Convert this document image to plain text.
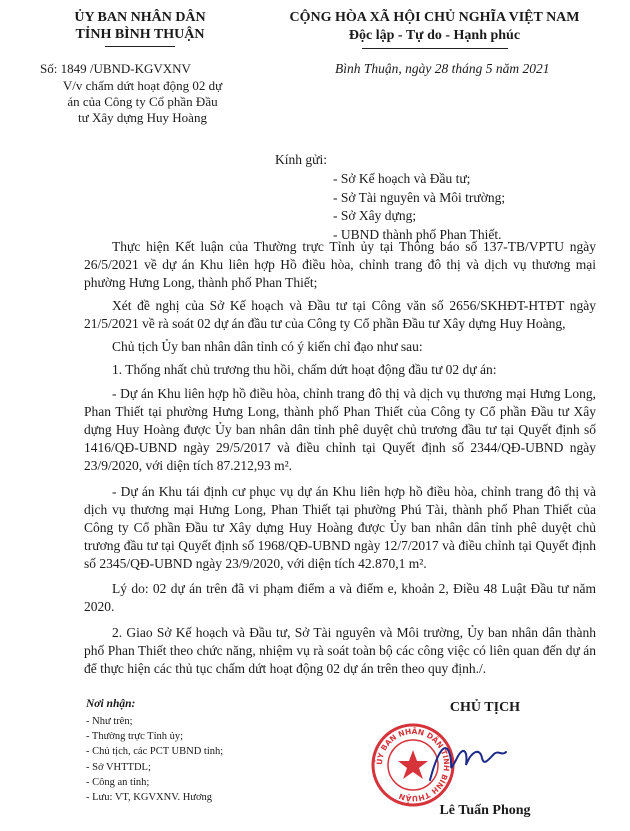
ỦY BAN NHÂN DÂN
TỈNH BÌNH THUẬN
CỘNG HÒA XÃ HỘI CHỦ NGHĨA VIỆT NAM
Độc lập - Tự do - Hạnh phúc
Số: 1849 /UBND-KGVXNV
V/v chấm dứt hoạt động 02 dự
án của Công ty Cổ phần Đầu
tư Xây dựng Huy Hoàng
Bình Thuận, ngày 28 tháng 5 năm 2021
Kính gửi:
- Sở Kế hoạch và Đầu tư;
- Sở Tài nguyên và Môi trường;
- Sở Xây dựng;
- UBND thành phố Phan Thiết.

Thực hiện Kết luận của Thường trực Tỉnh ủy tại Thông báo số 137-TB/VPTU ngày 26/5/2021 về dự án Khu liên hợp Hồ điều hòa, chỉnh trang đô thị và dịch vụ thương mại phường Hưng Long, thành phố Phan Thiết;

Xét đề nghị của Sở Kế hoạch và Đầu tư tại Công văn số 2656/SKHĐT-HTĐT ngày 21/5/2021 về rà soát 02 dự án đầu tư của Công ty Cổ phần Đầu tư Xây dựng Huy Hoàng,

Chủ tịch Ủy ban nhân dân tỉnh có ý kiến chỉ đạo như sau:

1. Thống nhất chủ trương thu hồi, chấm dứt hoạt động đầu tư 02 dự án:

- Dự án Khu liên hợp hồ điều hòa, chỉnh trang đô thị và dịch vụ thương mại Hưng Long, Phan Thiết tại phường Hưng Long, thành phố Phan Thiết của Công ty Cổ phần Đầu tư Xây dựng Huy Hoàng được Ủy ban nhân dân tỉnh phê duyệt chủ trương đầu tư tại Quyết định số 1416/QĐ-UBND ngày 29/5/2017 và điều chỉnh tại Quyết định số 2344/QĐ-UBND ngày 23/9/2020, với diện tích 87.212,93 m².

- Dự án Khu tái định cư phục vụ dự án Khu liên hợp hồ điều hòa, chỉnh trang đô thị và dịch vụ thương mại Hưng Long, Phan Thiết tại phường Phú Tài, thành phố Phan Thiết của Công ty Cổ phần Đầu tư Xây dựng Huy Hoàng được Ủy ban nhân dân tỉnh phê duyệt chủ trương đầu tư tại Quyết định số 1968/QĐ-UBND ngày 12/7/2017 và điều chỉnh tại Quyết định số 2345/QĐ-UBND ngày 23/9/2020, với diện tích 42.870,1 m².

Lý do: 02 dự án trên đã vi phạm điểm a và điểm e, khoản 2, Điều 48 Luật Đầu tư năm 2020.

2. Giao Sở Kế hoạch và Đầu tư, Sở Tài nguyên và Môi trường, Ủy ban nhân dân thành phố Phan Thiết theo chức năng, nhiệm vụ rà soát toàn bộ các công việc có liên quan đến dự án để thực hiện các thủ tục chấm dứt hoạt động 02 dự án trên theo quy định./.

Nơi nhận:
- Như trên;
- Thường trực Tỉnh ủy;
- Chủ tịch, các PCT UBND tỉnh;
- Sở VHTTDL;
- Công an tỉnh;
- Lưu: VT, KGVXNV. Hương
CHỦ TỊCH
ỦY BAN NHÂN DÂN TỈNH BÌNH THUẬN
Lê Tuấn Phong
